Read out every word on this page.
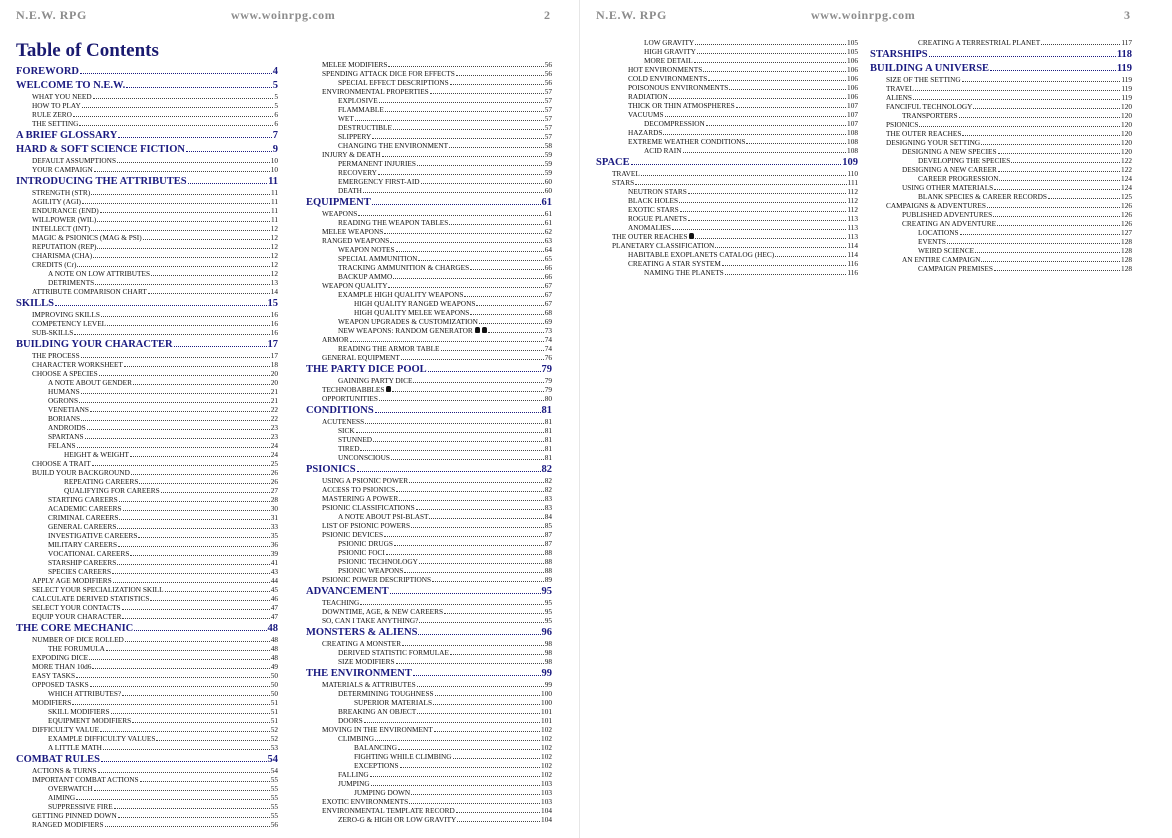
N.E.W. RPG	www.woinrpg.com	2
Table of Contents
FOREWORD	4
WELCOME TO N.E.W.	5
WHAT YOU NEED	5
HOW TO PLAY	5
RULE ZERO	6
THE SETTING	6
A BRIEF GLOSSARY	7
HARD & SOFT SCIENCE FICTION	9
DEFAULT ASSUMPTIONS	10
YOUR CAMPAIGN	10
INTRODUCING THE ATTRIBUTES	11
STRENGTH (STR)	11
AGILITY (AGI)	11
ENDURANCE (END)	11
WILLPOWER (WIL)	11
INTELLECT (INT)	12
MAGIC & PSIONICS (MAG & PSI)	12
REPUTATION (REP)	12
CHARISMA (CHA)	12
CREDITS (Cr)	12
A NOTE ON LOW ATTRIBUTES	12
DETRIMENTS	13
ATTRIBUTE COMPARISON CHART	14
SKILLS	15
IMPROVING SKILLS	16
COMPETENCY LEVEL	16
SUB-SKILLS	16
BUILDING YOUR CHARACTER	17
THE PROCESS	17
CHARACTER WORKSHEET	18
CHOOSE A SPECIES	20
A NOTE ABOUT GENDER	20
HUMANS	21
OGRONS	21
VENETIANS	22
BORIANS	22
ANDROIDS	23
SPARTANS	23
FELANS	24
HEIGHT & WEIGHT	24
CHOOSE A TRAIT	25
BUILD YOUR BACKGROUND	26
REPEATING CAREERS	26
QUALIFYING FOR CAREERS	27
STARTING CAREERS	28
ACADEMIC CAREERS	30
CRIMINAL CAREERS	31
GENERAL CAREERS	33
INVESTIGATIVE CAREERS	35
MILITARY CAREERS	36
VOCATIONAL CAREERS	39
STARSHIP CAREERS	41
SPECIES CAREERS	43
APPLY AGE MODIFIERS	44
SELECT YOUR SPECIALIZATION SKILL	45
CALCULATE DERIVED STATISTICS	46
SELECT YOUR CONTACTS	47
EQUIP YOUR CHARACTER	47
THE CORE MECHANIC	48
NUMBER OF DICE ROLLED	48
THE FORUMULA	48
EXPODING DICE	48
MORE THAN 10d6	49
EASY TASKS	50
OPPOSED TASKS	50
WHICH ATTRIBUTES?	50
MODIFIERS	51
SKILL MODIFIERS	51
EQUIPMENT MODIFIERS	51
DIFFICULTY VALUE	52
EXAMPLE DIFFICULTY VALUES	52
A LITTLE MATH	53
COMBAT RULES	54
ACTIONS & TURNS	54
IMPORTANT COMBAT ACTIONS	55
OVERWATCH	55
AIMING	55
SUPPRESSIVE FIRE	55
GETTING PINNED DOWN	55
RANGED MODIFIERS	56
MELEE MODIFIERS	56
SPENDING ATTACK DICE FOR EFFECTS	56
SPECIAL EFFECT DESCRIPTIONS	56
ENVIRONMENTAL PROPERTIES	57
EXPLOSIVE	57
FLAMMABLE	57
WET	57
DESTRUCTIBLE	57
SLIPPERY	57
CHANGING THE ENVIRONMENT	58
INJURY & DEATH	59
PERMANENT INJURIES	59
RECOVERY	59
EMERGENCY FIRST-AID	60
DEATH	60
EQUIPMENT	61
WEAPONS	61
READING THE WEAPON TABLES	61
MELEE WEAPONS	62
RANGED WEAPONS	63
WEAPON NOTES	64
SPECIAL AMMUNITION	65
TRACKING AMMUNITION & CHARGES	66
BACKUP AMMO	66
WEAPON QUALITY	67
EXAMPLE HIGH QUALITY WEAPONS	67
HIGH QUALITY RANGED WEAPONS	67
HIGH QUALITY MELEE WEAPONS	68
WEAPON UPGRADES & CUSTOMIZATION	69
NEW WEAPONS: RANDOM GENERATOR	73
ARMOR	74
READING THE ARMOR TABLE	74
GENERAL EQUIPMENT	76
THE PARTY DICE POOL	79
GAINING PARTY DICE	79
TECHNOBABBLES	79
OPPORTUNITIES	80
CONDITIONS	81
ACUTENESS	81
SICK	81
STUNNED	81
TIRED	81
UNCONSCIOUS	81
PSIONICS	82
USING A PSIONIC POWER	82
ACCESS TO PSIONICS	82
MASTERING A POWER	83
PSIONIC CLASSIFICATIONS	83
A NOTE ABOUT PSI-BLAST	84
LIST OF PSIONIC POWERS	85
PSIONIC DEVICES	87
PSIONIC DRUGS	87
PSIONIC FOCI	88
PSIONIC TECHNOLOGY	88
PSIONIC WEAPONS	88
PSIONIC POWER DESCRIPTIONS	89
ADVANCEMENT	95
TEACHING	95
DOWNTIME, AGE, & NEW CAREERS	95
SO, CAN I TAKE ANYTHING?	95
MONSTERS & ALIENS	96
CREATING A MONSTER	98
DERIVED STATISTIC FORMULAE	98
SIZE MODIFIERS	98
THE ENVIRONMENT	99
MATERIALS & ATTRIBUTES	99
DETERMINING TOUGHNESS	100
SUPERIOR MATERIALS	100
BREAKING AN OBJECT	101
DOORS	101
MOVING IN THE ENVIRONMENT	102
CLIMBING	102
BALANCING	102
FIGHTING WHILE CLIMBING	102
EXCEPTIONS	102
FALLING	102
JUMPING	103
JUMPING DOWN	103
EXOTIC ENVIRONMENTS	103
ENVIRONMENTAL TEMPLATE RECORD	104
ZERO-G & HIGH OR LOW GRAVITY	104
N.E.W. RPG	www.woinrpg.com	3
LOW GRAVITY	105
HIGH GRAVITY	105
MORE DETAIL	106
HOT ENVIRONMENTS	106
COLD ENVIRONMENTS	106
POISONOUS ENVIRONMENTS	106
RADIATION	106
THICK OR THIN ATMOSPHERES	107
VACUUMS	107
DECOMPRESSION	107
HAZARDS	108
EXTREME WEATHER CONDITIONS	108
ACID RAIN	108
SPACE	109
TRAVEL	110
STARS	111
NEUTRON STARS	112
BLACK HOLES	112
EXOTIC STARS	112
ROGUE PLANETS	113
ANOMALIES	113
THE OUTER REACHES	113
PLANETARY CLASSIFICATION	114
HABITABLE EXOPLANETS CATALOG (HEC)	114
CREATING A STAR SYSTEM	116
NAMING THE PLANETS	116
CREATING A TERRESTRIAL PLANET	117
STARSHIPS	118
BUILDING A UNIVERSE	119
SIZE OF THE SETTING	119
TRAVEL	119
ALIENS	119
FANCIFUL TECHNOLOGY	120
TRANSPORTERS	120
PSIONICS	120
THE OUTER REACHES	120
DESIGNING YOUR SETTING	120
DESIGNING A NEW SPECIES	120
DEVELOPING THE SPECIES	122
DESIGNING A NEW CAREER	122
CAREER PROGRESSION	124
USING OTHER MATERIALS	124
BLANK SPECIES & CAREER RECORDS	125
CAMPAIGNS & ADVENTURES	126
PUBLISHED ADVENTURES	126
CREATING AN ADVENTURE	126
LOCATIONS	127
EVENTS	128
WEIRD SCIENCE	128
AN ENTIRE CAMPAIGN	128
CAMPAIGN PREMISES	128
